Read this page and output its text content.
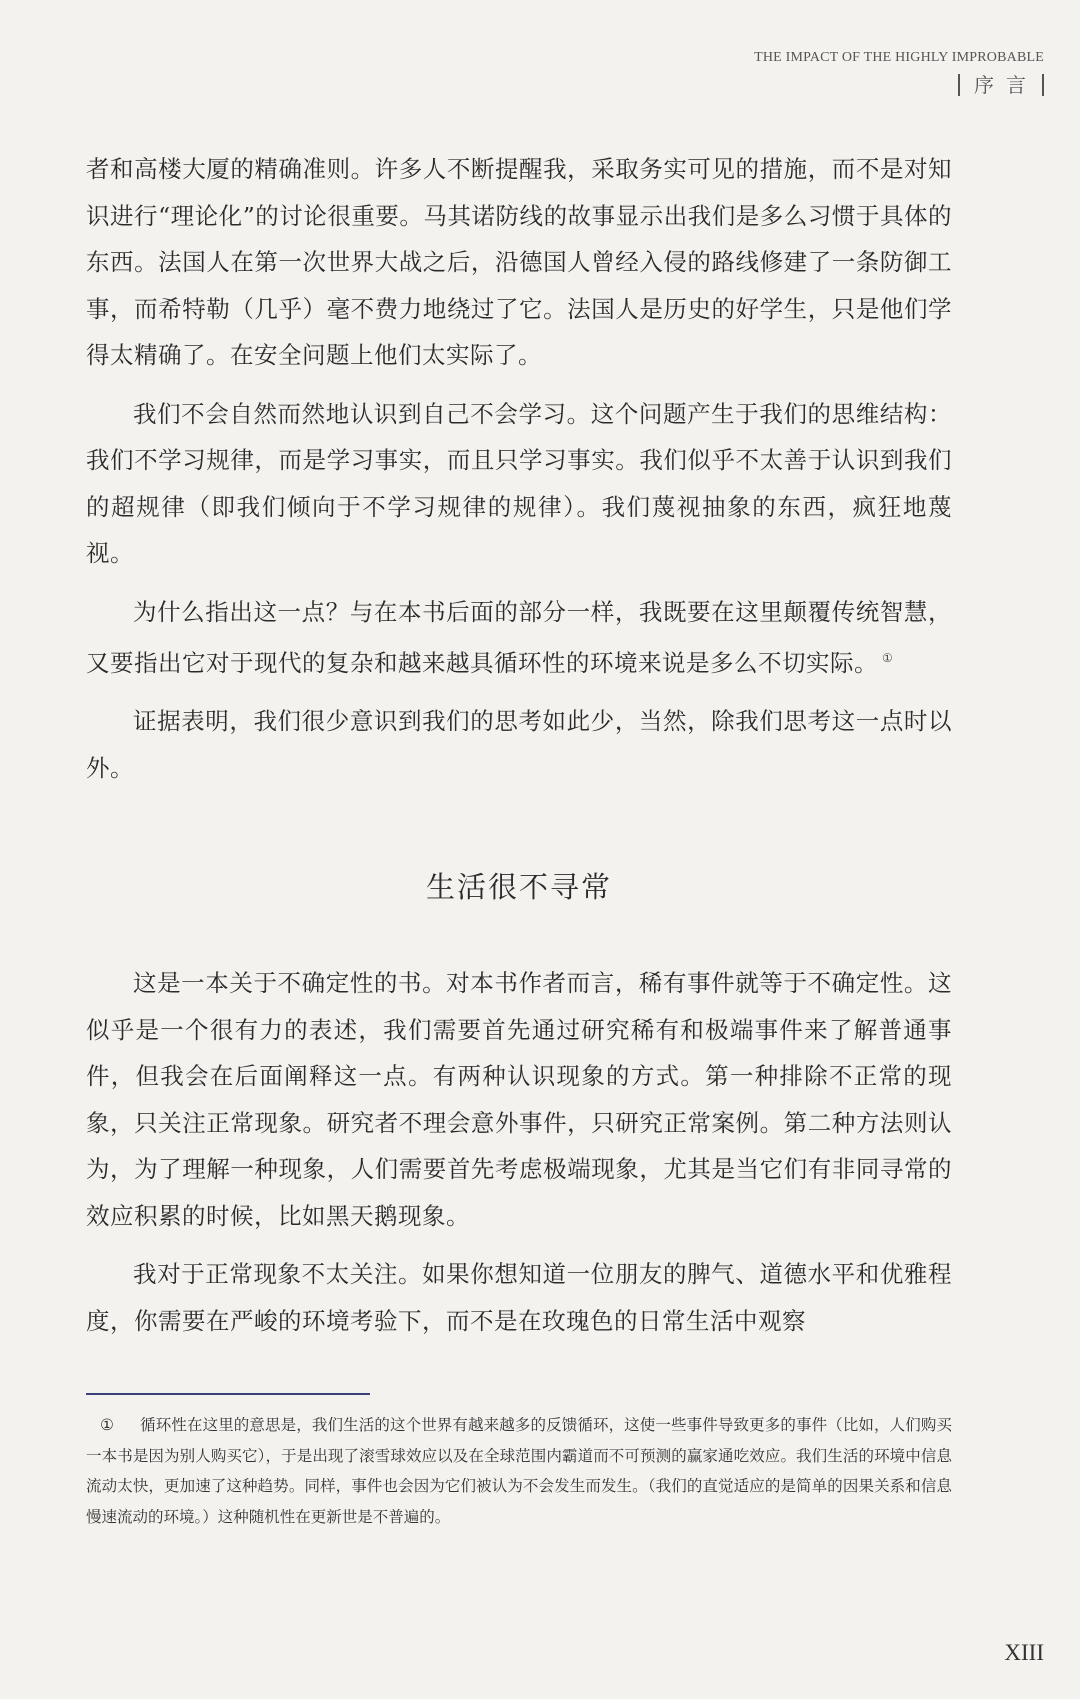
THE IMPACT OF THE HIGHLY IMPROBABLE
序言

者和高楼大厦的精确准则。许多人不断提醒我，采取务实可见的措施，而不是对知识进行“理论化”的讨论很重要。马其诺防线的故事显示出我们是多么习惯于具体的东西。法国人在第一次世界大战之后，沿德国人曾经入侵的路线修建了一条防御工事，而希特勒（几乎）毫不费力地绕过了它。法国人是历史的好学生，只是他们学得太精确了。在安全问题上他们太实际了。

我们不会自然而然地认识到自己不会学习。这个问题产生于我们的思维结构：我们不学习规律，而是学习事实，而且只学习事实。我们似乎不太善于认识到我们的超规律（即我们倾向于不学习规律的规律）。我们蔑视抽象的东西，疯狂地蔑视。

为什么指出这一点？与在本书后面的部分一样，我既要在这里颠覆传统智慧，又要指出它对于现代的复杂和越来越具循环性的环境来说是多么不切实际。 ①

证据表明，我们很少意识到我们的思考如此少，当然，除我们思考这一点时以外。

生活很不寻常

这是一本关于不确定性的书。对本书作者而言，稀有事件就等于不确定性。这似乎是一个很有力的表述，我们需要首先通过研究稀有和极端事件来了解普通事件，但我会在后面阐释这一点。有两种认识现象的方式。第一种排除不正常的现象，只关注正常现象。研究者不理会意外事件，只研究正常案例。第二种方法则认为，为了理解一种现象，人们需要首先考虑极端现象，尤其是当它们有非同寻常的效应积累的时候，比如黑天鹅现象。

我对于正常现象不太关注。如果你想知道一位朋友的脾气、道德水平和优雅程度，你需要在严峻的环境考验下，而不是在玫瑰色的日常生活中观察

① 循环性在这里的意思是，我们生活的这个世界有越来越多的反馈循环，这使一些事件导致更多的事件（比如，人们购买一本书是因为别人购买它），于是出现了滚雪球效应以及在全球范围内霸道而不可预测的赢家通吃效应。我们生活的环境中信息流动太快，更加速了这种趋势。同样，事件也会因为它们被认为不会发生而发生。（我们的直觉适应的是简单的因果关系和信息慢速流动的环境。）这种随机性在更新世是不普遍的。
XIII
